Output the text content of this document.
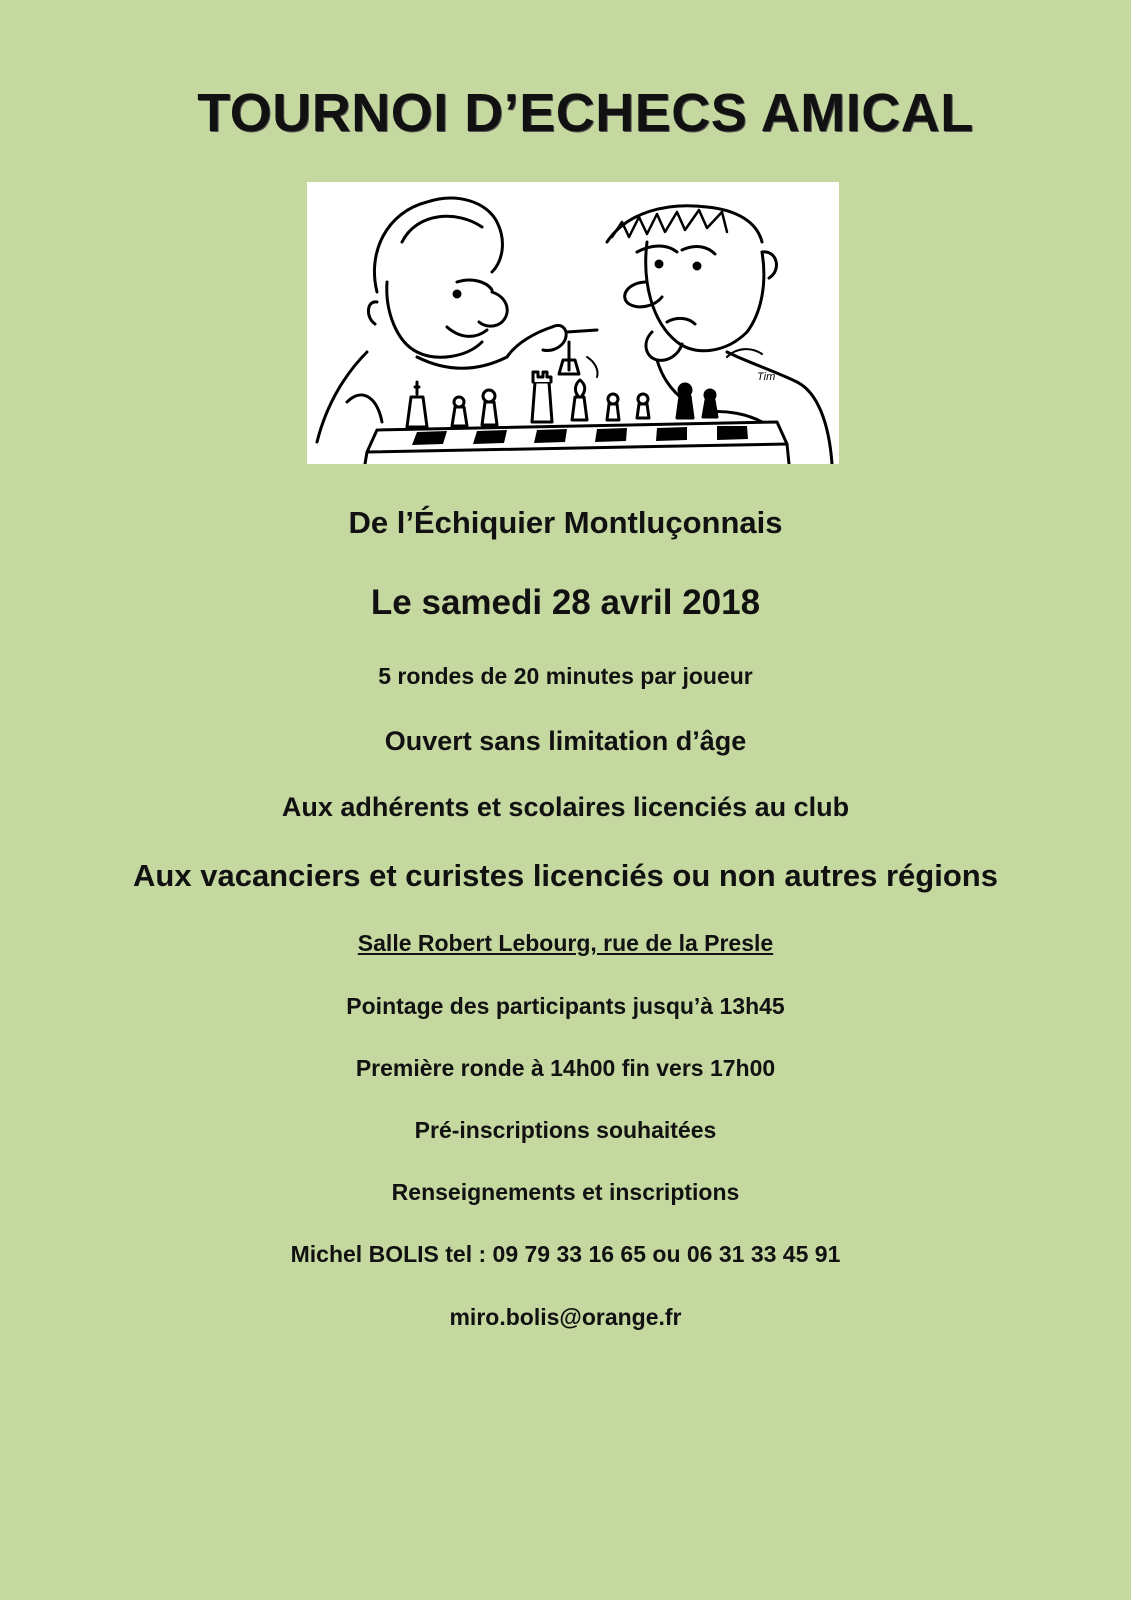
TOURNOI D’ECHECS AMICAL
Tim

De l’Échiquier Montluçonnais

Le samedi 28 avril 2018

5 rondes de 20 minutes par joueur

Ouvert sans limitation d’âge

Aux adhérents et scolaires licenciés au club

Aux vacanciers et curistes licenciés ou non autres régions

Salle Robert Lebourg, rue de la Presle

Pointage des participants jusqu’à 13h45

Première ronde à 14h00 fin vers 17h00

Pré-inscriptions souhaitées

Renseignements et inscriptions

Michel BOLIS tel : 09 79 33 16 65 ou 06 31 33 45 91

miro.bolis@orange.fr
